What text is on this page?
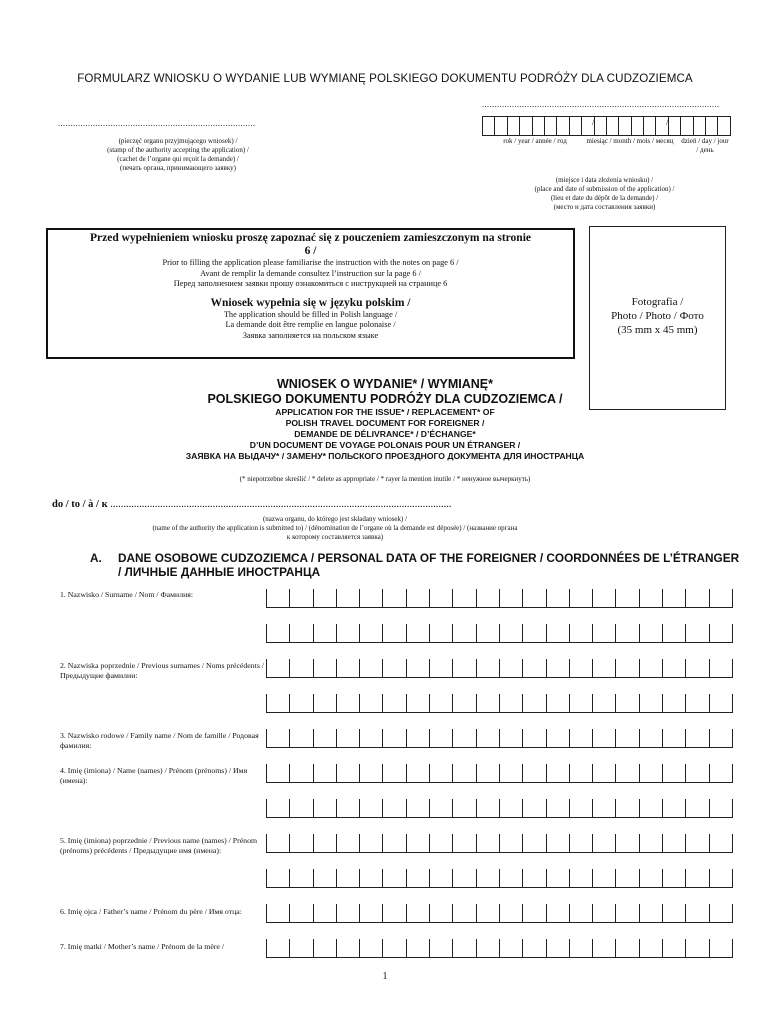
FORMULARZ WNIOSKU O WYDANIE LUB WYMIANĘ POLSKIEGO DOKUMENTU PODRÓŻY DLA CUDZOZIEMCA
...............................................................................................
...............................................................................
(pieczęć organu przyjmującego wniosek) /
(stamp of the authority accepting the application) /
(cachet de l’organe qui reçoit la demande) /
(печать органа, принимающего заявку)
/	/
rok / year / année / год	miesiąc / month / mois / месяц dzień / day / jour / день
(miejsce i data złożenia wniosku) /
(place and date of submission of the application) /
(lieu et date du dépôt de la demande) /
(место и дата составления заявки)
Przed wypełnieniem wniosku proszę zapoznać się z pouczeniem zamieszczonym na stronie 6 /
Prior to filling the application please familiarise the instruction with the notes on page 6 /
Avant de remplir la demande consultez l’instruction sur la page 6 /
Перед заполнением заявки прошу ознакомиться с инструкцией на странице 6
Wniosek wypełnia się w języku polskim /
The application should be filled in Polish language /
La demande doit être remplie en langue polonaise /
Заявка заполняется на польском языке
Fotografia /
Photo / Photo / Фото
(35 mm x 45 mm)
WNIOSEK O WYDANIE* / WYMIANĘ*
POLSKIEGO DOKUMENTU PODRÓŻY DLA CUDZOZIEMCA /
APPLICATION FOR THE ISSUE* / REPLACEMENT* OF
POLISH TRAVEL DOCUMENT FOR FOREIGNER /
DEMANDE DE DÉLIVRANCE* / D’ÉCHANGE*
D’UN DOCUMENT DE VOYAGE POLONAIS POUR UN ÉTRANGER /
ЗАЯВКА НА ВЫДАЧУ* / ЗАМЕНУ* ПОЛЬСКОГО ПРОЕЗДНОГО ДОКУМЕНТА ДЛЯ ИНОСТРАНЦА
(* niepotrzebne skreślić / * delete as appropriate / * rayer la mention inutile / * ненужное вычеркнуть)
do / to / à / к ..................................................................................................................................
(nazwa organu, do którego jest składany wniosek) /
(name of the authority the application is submitted to) / (dénomination de l’organe où la demande est déposée) / (название органа
к которому составляется заявка)
A.	DANE OSOBOWE CUDZOZIEMCA / PERSONAL DATA OF THE FOREIGNER / COORDONNÉES DE L’ÉTRANGER / ЛИЧНЫЕ ДАННЫЕ ИНОСТРАНЦА
1. Nazwisko / Surname / Nom / Фамилия:
2. Nazwiska poprzednie / Previous surnames / Noms précédents / Предыдущие фамилии:
3. Nazwisko rodowe / Family name / Nom de famille / Родовая фамилия:
4. Imię (imiona) / Name (names) / Prénom (prénoms) / Имя (имена):
5. Imię (imiona) poprzednie / Previous name (names) / Prénom (prénoms) précédents / Предыдущие имя (имена):
6. Imię ojca / Father’s name / Prénom du père / Имя отца:
7. Imię matki / Mother’s name / Prénom de la mère /
1
